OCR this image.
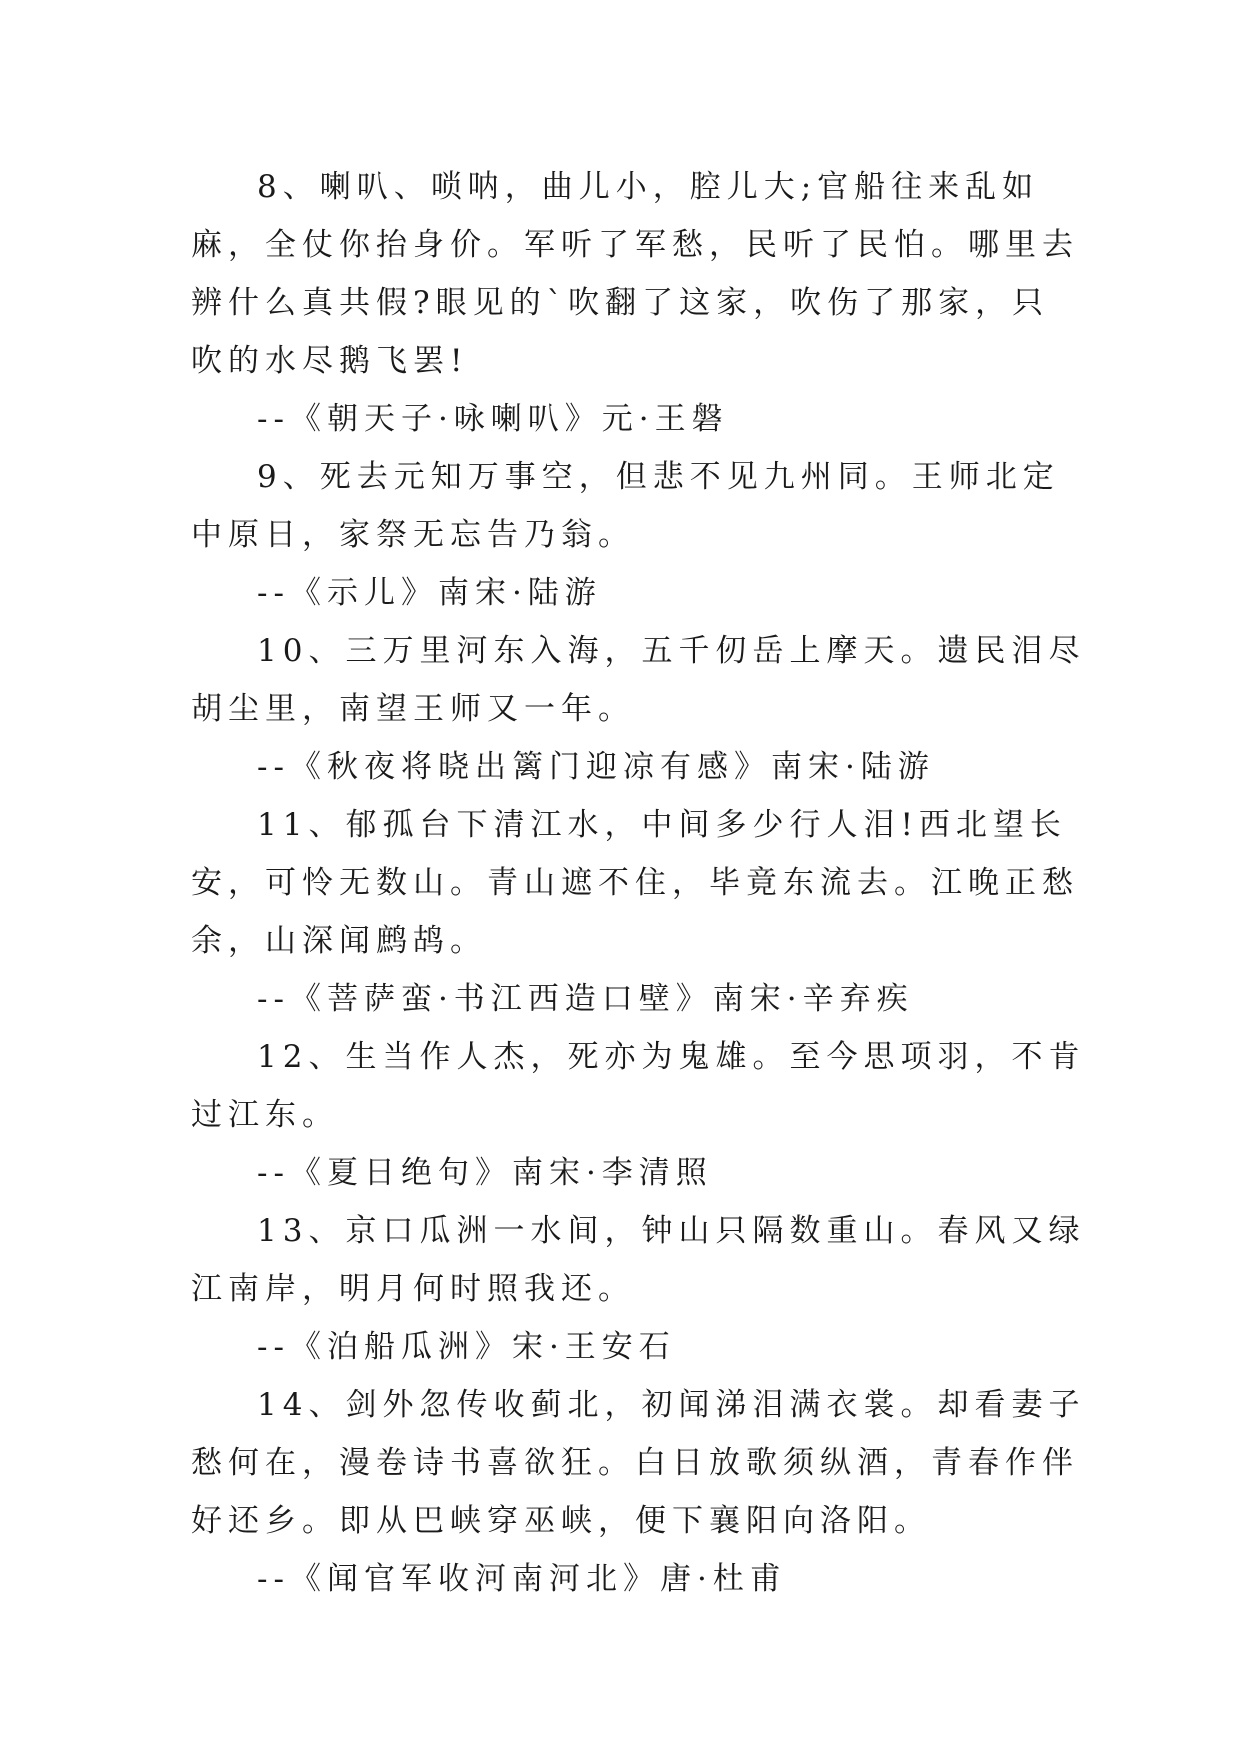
8、喇叭、唢呐，曲儿小，腔儿大;官船往来乱如麻，全仗你抬身价。军听了军愁，民听了民怕。哪里去辨什么真共假?眼见的`吹翻了这家，吹伤了那家，只吹的水尽鹅飞罢!

--《朝天子·咏喇叭》元·王磐

9、死去元知万事空，但悲不见九州同。王师北定中原日，家祭无忘告乃翁。

--《示儿》南宋·陆游

10、三万里河东入海，五千仞岳上摩天。遗民泪尽胡尘里，南望王师又一年。

--《秋夜将晓出篱门迎凉有感》南宋·陆游

11、郁孤台下清江水，中间多少行人泪!西北望长安，可怜无数山。青山遮不住，毕竟东流去。江晚正愁余，山深闻鹧鸪。

--《菩萨蛮·书江西造口壁》南宋·辛弃疾

12、生当作人杰，死亦为鬼雄。至今思项羽，不肯过江东。

--《夏日绝句》南宋·李清照

13、京口瓜洲一水间，钟山只隔数重山。春风又绿江南岸，明月何时照我还。

--《泊船瓜洲》宋·王安石

14、剑外忽传收蓟北，初闻涕泪满衣裳。却看妻子愁何在，漫卷诗书喜欲狂。白日放歌须纵酒，青春作伴好还乡。即从巴峡穿巫峡，便下襄阳向洛阳。

--《闻官军收河南河北》唐·杜甫
